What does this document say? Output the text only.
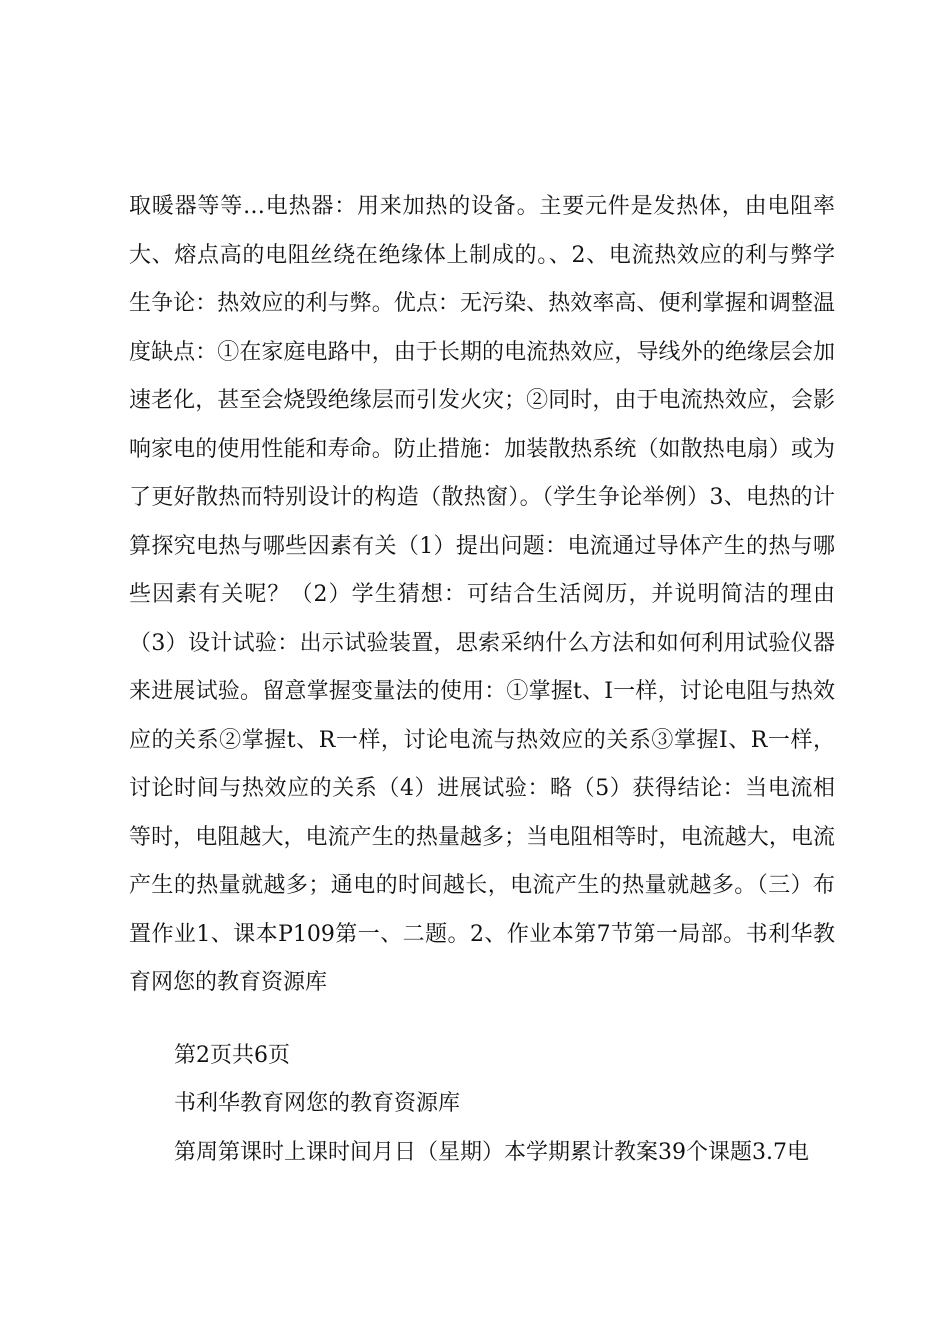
取暖器等等…电热器：用来加热的设备。主要元件是发热体，由电阻率大、熔点高的电阻丝绕在绝缘体上制成的。、2、电流热效应的利与弊学生争论：热效应的利与弊。优点：无污染、热效率高、便利掌握和调整温度缺点：①在家庭电路中，由于长期的电流热效应，导线外的绝缘层会加速老化，甚至会烧毁绝缘层而引发火灾；②同时，由于电流热效应，会影响家电的使用性能和寿命。防止措施：加装散热系统（如散热电扇）或为了更好散热而特别设计的构造（散热窗）。（学生争论举例）3、电热的计算探究电热与哪些因素有关（1）提出问题：电流通过导体产生的热与哪些因素有关呢？（2）学生猜想：可结合生活阅历，并说明简洁的理由（3）设计试验：出示试验装置，思索采纳什么方法和如何利用试验仪器来进展试验。留意掌握变量法的使用：①掌握t、I一样，讨论电阻与热效应的关系②掌握t、R一样，讨论电流与热效应的关系③掌握I、R一样，讨论时间与热效应的关系（4）进展试验：略（5）获得结论：当电流相等时，电阻越大，电流产生的热量越多；当电阻相等时，电流越大，电流产生的热量就越多；通电的时间越长，电流产生的热量就越多。（三）布置作业1、课本P109第一、二题。2、作业本第7节第一局部。书利华教育网您的教育资源库

第2页共6页
书利华教育网您的教育资源库
第周第课时上课时间月日（星期）本学期累计教案39个课题3.7电
